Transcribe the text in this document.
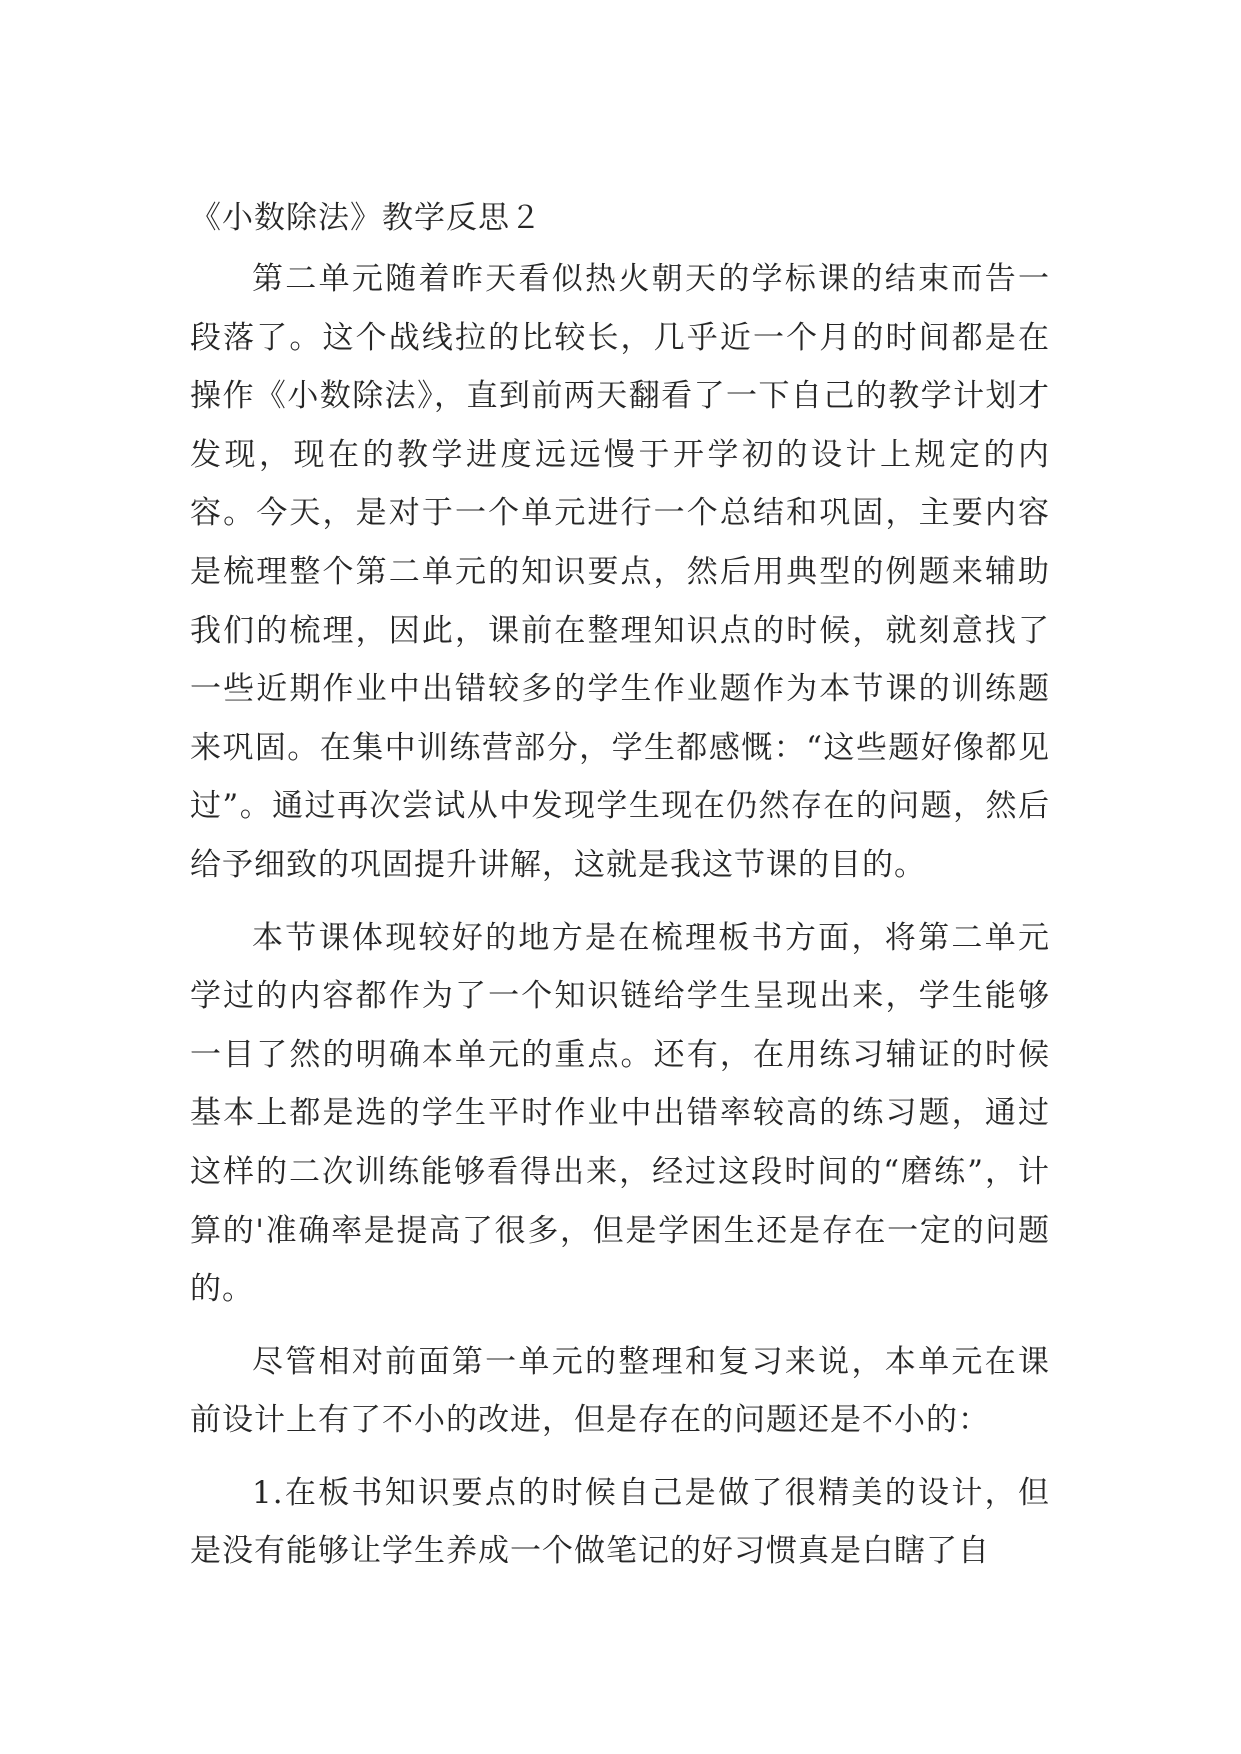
《小数除法》教学反思２

第二单元随着昨天看似热火朝天的学标课的结束而告一段落了。这个战线拉的比较长，几乎近一个月的时间都是在操作《小数除法》，直到前两天翻看了一下自己的教学计划才发现，现在的教学进度远远慢于开学初的设计上规定的内容。今天，是对于一个单元进行一个总结和巩固，主要内容是梳理整个第二单元的知识要点，然后用典型的例题来辅助我们的梳理，因此，课前在整理知识点的时候，就刻意找了一些近期作业中出错较多的学生作业题作为本节课的训练题来巩固。在集中训练营部分，学生都感慨：“这些题好像都见过”。通过再次尝试从中发现学生现在仍然存在的问题，然后给予细致的巩固提升讲解，这就是我这节课的目的。

本节课体现较好的地方是在梳理板书方面，将第二单元学过的内容都作为了一个知识链给学生呈现出来，学生能够一目了然的明确本单元的重点。还有，在用练习辅证的时候基本上都是选的学生平时作业中出错率较高的练习题，通过这样的二次训练能够看得出来，经过这段时间的“磨练”，计算的'准确率是提高了很多，但是学困生还是存在一定的问题的。

尽管相对前面第一单元的整理和复习来说，本单元在课前设计上有了不小的改进，但是存在的问题还是不小的：

1.在板书知识要点的时候自己是做了很精美的设计，但是没有能够让学生养成一个做笔记的好习惯真是白瞎了自
